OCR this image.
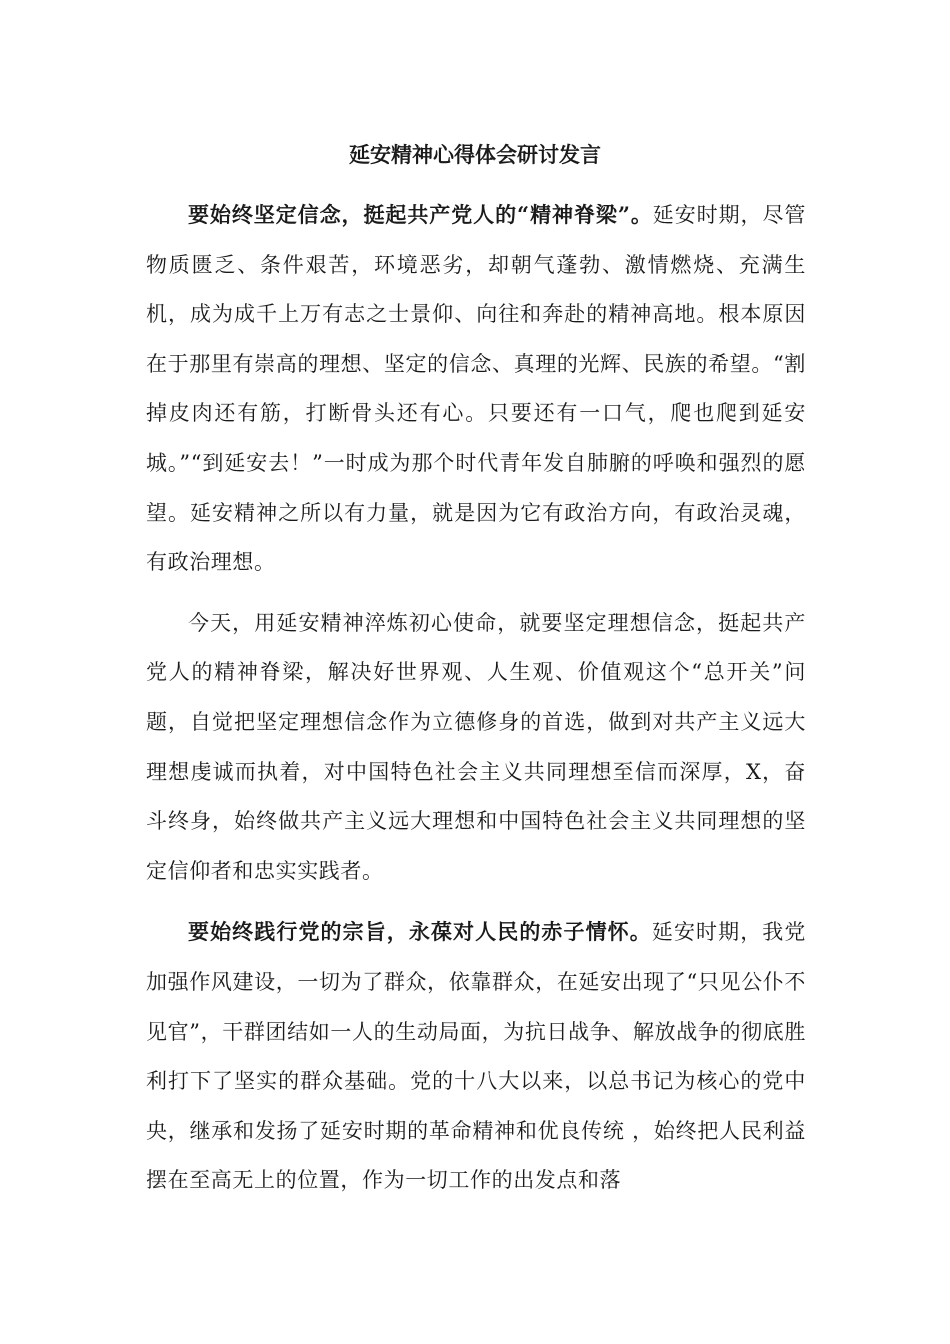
延安精神心得体会研讨发言

要始终坚定信念，挺起共产党人的“精神脊梁”。延安时期，尽管物质匮乏、条件艰苦，环境恶劣，却朝气蓬勃、激情燃烧、充满生机，成为成千上万有志之士景仰、向往和奔赴的精神高地。根本原因在于那里有崇高的理想、坚定的信念、真理的光辉、民族的希望。“割掉皮肉还有筋，打断骨头还有心。只要还有一口气，爬也爬到延安城。”“到延安去！”一时成为那个时代青年发自肺腑的呼唤和强烈的愿望。延安精神之所以有力量，就是因为它有政治方向，有政治灵魂，有政治理想。

今天，用延安精神淬炼初心使命，就要坚定理想信念，挺起共产党人的精神脊梁，解决好世界观、人生观、价值观这个“总开关”问题，自觉把坚定理想信念作为立德修身的首选，做到对共产主义远大理想虔诚而执着，对中国特色社会主义共同理想至信而深厚，X，奋斗终身，始终做共产主义远大理想和中国特色社会主义共同理想的坚定信仰者和忠实实践者。

要始终践行党的宗旨，永葆对人民的赤子情怀。延安时期，我党加强作风建设，一切为了群众，依靠群众，在延安出现了“只见公仆不见官”，干群团结如一人的生动局面，为抗日战争、解放战争的彻底胜利打下了坚实的群众基础。党的十八大以来，以总书记为核心的党中央，继承和发扬了延安时期的革命精神和优良传统 ，始终把人民利益摆在至高无上的位置，作为一切工作的出发点和落
